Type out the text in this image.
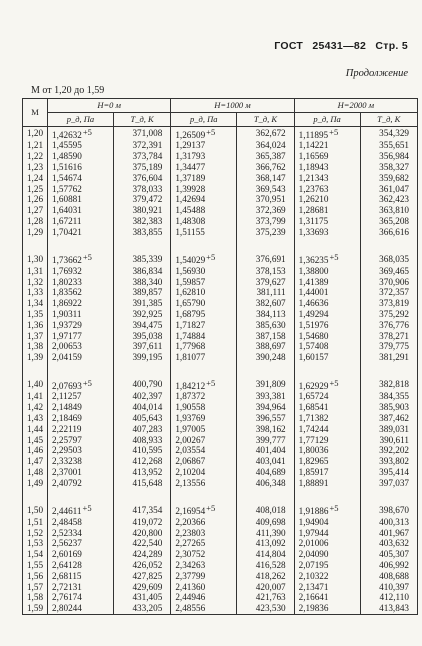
ГОСТ 25431—82 Стр. 5
Продолжение
M от 1,20 до 1,59
M	H=0 м		H=1000 м		H=2000 м	
	p_д, Па	T_д, K	p_д, Па	T_д, K	p_д, Па	T_д, K
1,20	1,42632+5	371,008	1,26509+5	362,672	1,11895+5	354,329
1,21	1,45595	372,391	1,29137	364,024	1,14221	355,651
1,22	1,48590	373,784	1,31793	365,387	1,16569	356,984
1,23	1,51616	375,189	1,34477	366,762	1,18943	358,327
1,24	1,54674	376,604	1,37189	368,147	1,21343	359,682
1,25	1,57762	378,033	1,39928	369,543	1,23763	361,047
1,26	1,60881	379,472	1,42694	370,951	1,26210	362,423
1,27	1,64031	380,921	1,45488	372,369	1,28681	363,810
1,28	1,67211	382,383	1,48308	373,799	1,31175	365,208
1,29	1,70421	383,855	1,51155	375,239	1,33693	366,616

1,30	1,73662+5	385,339	1,54029+5	376,691	1,36235+5	368,035
1,31	1,76932	386,834	1,56930	378,153	1,38800	369,465
1,32	1,80233	388,340	1,59857	379,627	1,41389	370,906
1,33	1,83562	389,857	1,62810	381,111	1,44001	372,357
1,34	1,86922	391,385	1,65790	382,607	1,46636	373,819
1,35	1,90311	392,925	1,68795	384,113	1,49294	375,292
1,36	1,93729	394,475	1,71827	385,630	1,51976	376,776
1,37	1,97177	395,038	1,74884	387,158	1,54680	378,271
1,38	2,00653	397,611	1,77968	388,697	1,57408	379,775
1,39	2,04159	399,195	1,81077	390,248	1,60157	381,291

1,40	2,07693+5	400,790	1,84212+5	391,809	1,62929+5	382,818
1,41	2,11257	402,397	1,87372	393,381	1,65724	384,355
1,42	2,14849	404,014	1,90558	394,964	1,68541	385,903
1,43	2,18469	405,643	1,93769	396,557	1,71382	387,462
1,44	2,22119	407,283	1,97005	398,162	1,74244	389,031
1,45	2,25797	408,933	2,00267	399,777	1,77129	390,611
1,46	2,29503	410,595	2,03554	401,404	1,80036	392,202
1,47	2,33238	412,268	2,06867	403,041	1,82965	393,802
1,48	2,37001	413,952	2,10204	404,689	1,85917	395,414
1,49	2,40792	415,648	2,13556	406,348	1,88891	397,037

1,50	2,44611+5	417,354	2,16954+5	408,018	1,91886+5	398,670
1,51	2,48458	419,072	2,20366	409,698	1,94904	400,313
1,52	2,52334	420,800	2,23803	411,390	1,97944	401,967
1,53	2,56237	422,540	2,27265	413,092	2,01006	403,632
1,54	2,60169	424,289	2,30752	414,804	2,04090	405,307
1,55	2,64128	426,052	2,34263	416,528	2,07195	406,992
1,56	2,68115	427,825	2,37799	418,262	2,10322	408,688
1,57	2,72131	429,609	2,41360	420,007	2,13471	410,397
1,58	2,76174	431,405	2,44946	421,763	2,16641	412,110
1,59	2,80244	433,205	2,48556	423,530	2,19836	413,843
